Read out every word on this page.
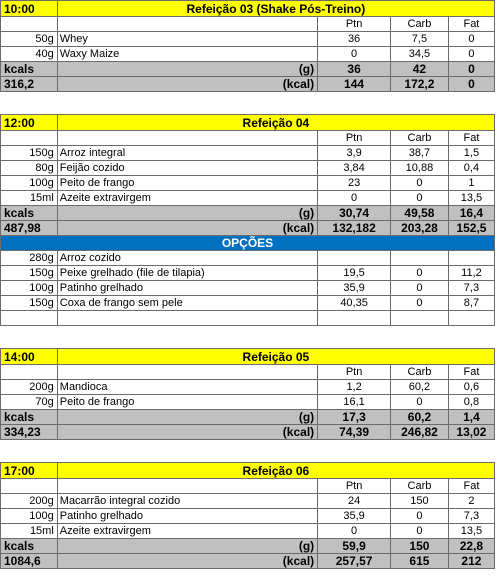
10:00	Refeição 03 (Shake Pós-Treino)			
		Ptn	Carb	Fat
50g	Whey	36	7,5	0
40g	Waxy Maize	0	34,5	0
kcals	(g)	36	42	0
316,2	(kcal)	144	172,2	0
12:00	Refeição 04			
		Ptn	Carb	Fat
150g	Arroz integral	3,9	38,7	1,5
80g	Feijão cozido	3,84	10,88	0,4
100g	Peito de frango	23	0	1
15ml	Azeite extravirgem	0	0	13,5
kcals	(g)	30,74	49,58	16,4
487,98	(kcal)	132,182	203,28	152,5
OPÇÕES				
280g	Arroz cozido			
150g	Peixe grelhado (file de tilapia)	19,5	0	11,2
100g	Patinho grelhado	35,9	0	7,3
150g	Coxa de frango sem pele	40,35	0	8,7

14:00	Refeição 05			
		Ptn	Carb	Fat
200g	Mandioca	1,2	60,2	0,6
70g	Peito de frango	16,1	0	0,8
kcals	(g)	17,3	60,2	1,4
334,23	(kcal)	74,39	246,82	13,02
17:00	Refeição 06			
		Ptn	Carb	Fat
200g	Macarrão integral cozido	24	150	2
100g	Patinho grelhado	35,9	0	7,3
15ml	Azeite extravirgem	0	0	13,5
kcals	(g)	59,9	150	22,8
1084,6	(kcal)	257,57	615	212
